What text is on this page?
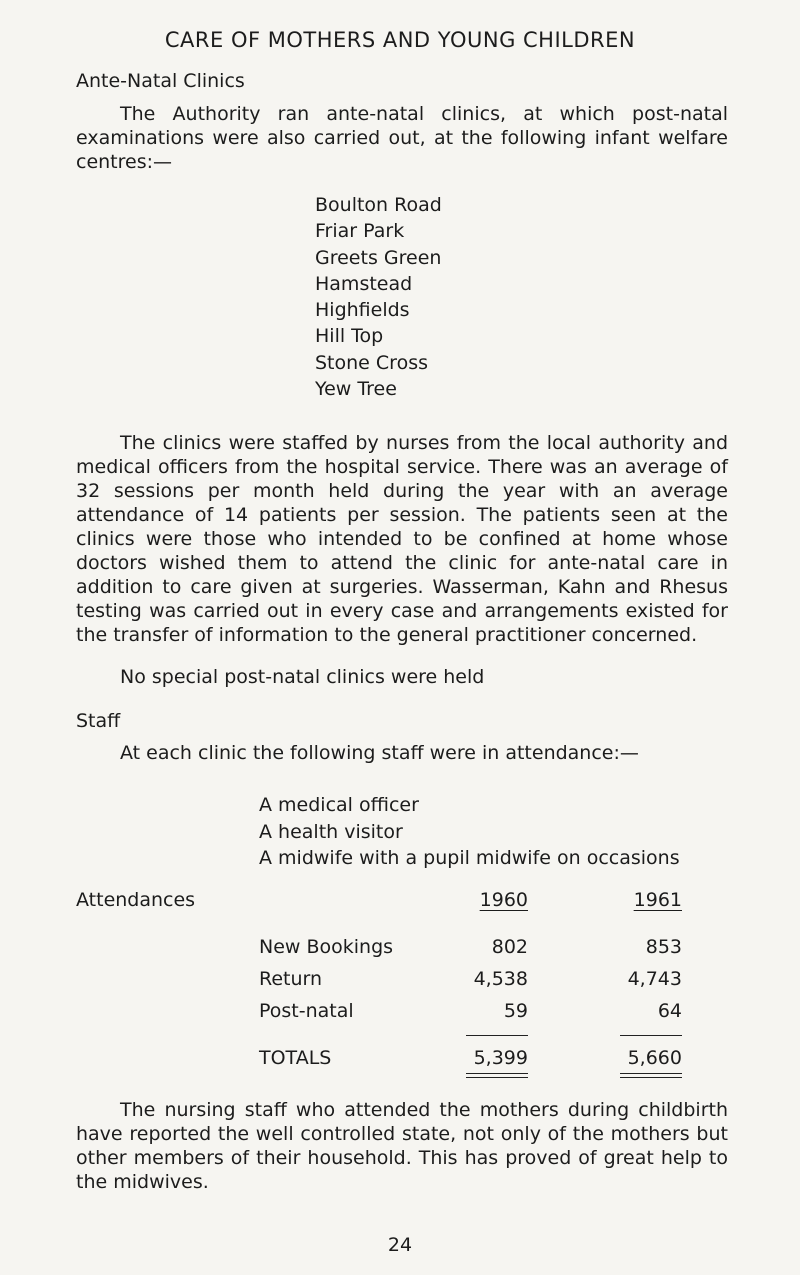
CARE OF MOTHERS AND YOUNG CHILDREN
Ante-Natal Clinics
The Authority ran ante-natal clinics, at which post-natal examinations were also carried out, at the following infant welfare centres:—
Boulton Road
Friar Park
Greets Green
Hamstead
Highfields
Hill Top
Stone Cross
Yew Tree
The clinics were staffed by nurses from the local authority and medical officers from the hospital service. There was an average of 32 sessions per month held during the year with an average attendance of 14 patients per session. The patients seen at the clinics were those who intended to be confined at home whose doctors wished them to attend the clinic for ante-natal care in addition to care given at surgeries. Wasserman, Kahn and Rhesus testing was carried out in every case and arrangements existed for the transfer of information to the general practitioner concerned.
No special post-natal clinics were held
Staff
At each clinic the following staff were in attendance:—
A medical officer
A health visitor
A midwife with a pupil midwife on occasions
Attendances	1960	1961
New Bookings	802	853
Return	4,538	4,743
Post-natal	59	64
TOTALS	5,399	5,660
The nursing staff who attended the mothers during childbirth have reported the well controlled state, not only of the mothers but other members of their household. This has proved of great help to the midwives.
24
